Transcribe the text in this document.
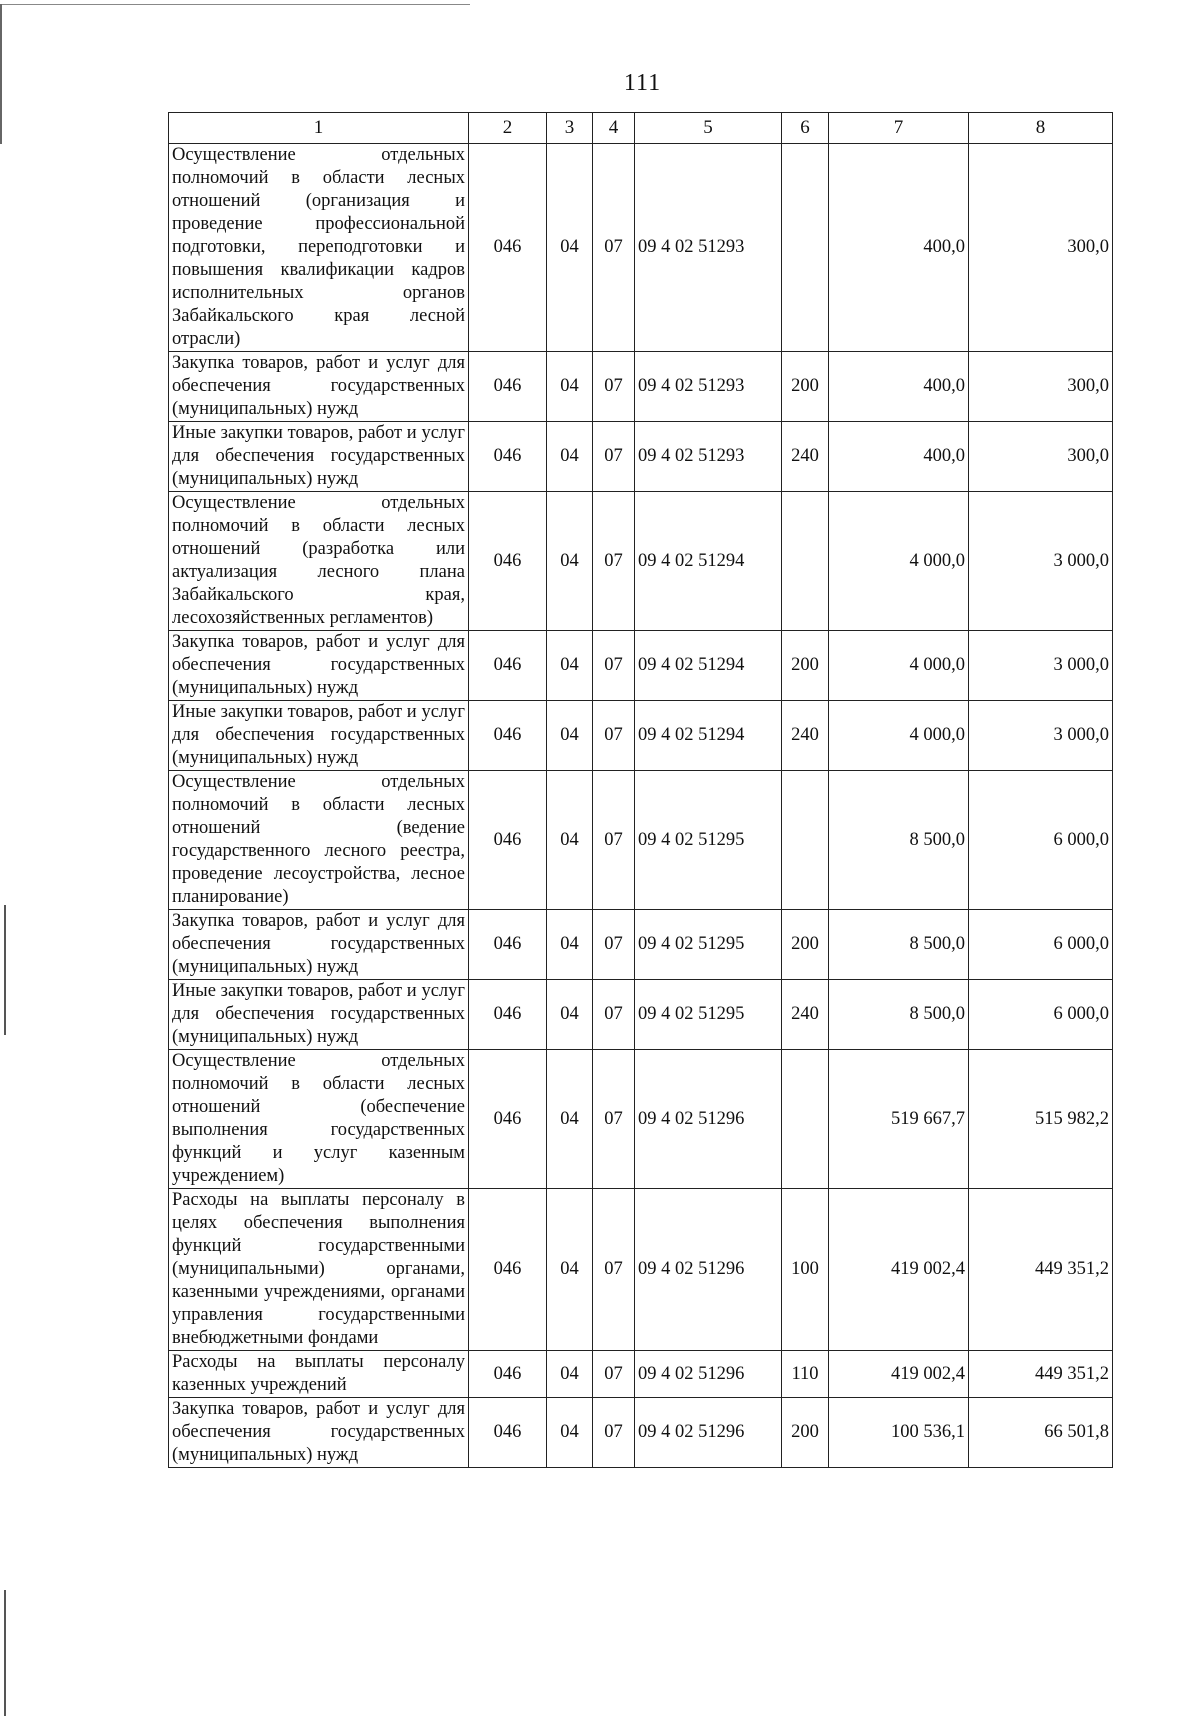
111
1	2	3	4	5	6	7	8
Осуществление отдельных полномочий в области лесных отношений (организация и проведение профессиональной подготовки, переподготовки и повышения квалификации кадров исполнительных органов Забайкальского края лесной отрасли)	046	04	07	09 4 02 51293		400,0	300,0
Закупка товаров, работ и услуг для обеспечения государственных (муниципальных) нужд	046	04	07	09 4 02 51293	200	400,0	300,0
Иные закупки товаров, работ и услуг для обеспечения государственных (муниципальных) нужд	046	04	07	09 4 02 51293	240	400,0	300,0
Осуществление отдельных полномочий в области лесных отношений (разработка или актуализация лесного плана Забайкальского края, лесохозяйственных регламентов)	046	04	07	09 4 02 51294		4 000,0	3 000,0
Закупка товаров, работ и услуг для обеспечения государственных (муниципальных) нужд	046	04	07	09 4 02 51294	200	4 000,0	3 000,0
Иные закупки товаров, работ и услуг для обеспечения государственных (муниципальных) нужд	046	04	07	09 4 02 51294	240	4 000,0	3 000,0
Осуществление отдельных полномочий в области лесных отношений (ведение государственного лесного реестра, проведение лесоустройства, лесное планирование)	046	04	07	09 4 02 51295		8 500,0	6 000,0
Закупка товаров, работ и услуг для обеспечения государственных (муниципальных) нужд	046	04	07	09 4 02 51295	200	8 500,0	6 000,0
Иные закупки товаров, работ и услуг для обеспечения государственных (муниципальных) нужд	046	04	07	09 4 02 51295	240	8 500,0	6 000,0
Осуществление отдельных полномочий в области лесных отношений (обеспечение выполнения государственных функций и услуг казенным учреждением)	046	04	07	09 4 02 51296		519 667,7	515 982,2
Расходы на выплаты персоналу в целях обеспечения выполнения функций государственными (муниципальными) органами, казенными учреждениями, органами управления государственными внебюджетными фондами	046	04	07	09 4 02 51296	100	419 002,4	449 351,2
Расходы на выплаты персоналу казенных учреждений	046	04	07	09 4 02 51296	110	419 002,4	449 351,2
Закупка товаров, работ и услуг для обеспечения государственных (муниципальных) нужд	046	04	07	09 4 02 51296	200	100 536,1	66 501,8
